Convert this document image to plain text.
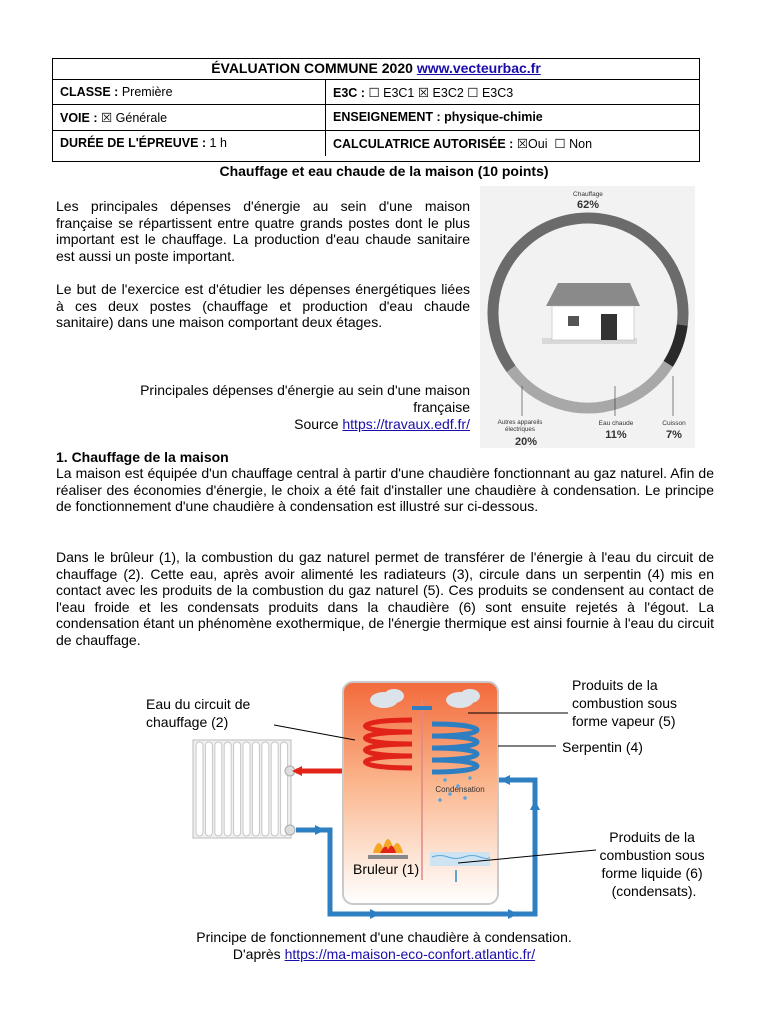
ÉVALUATION COMMUNE 2020 www.vecteurbac.fr
CLASSE : Première	E3C : ☐ E3C1 ☒ E3C2 ☐ E3C3
VOIE : ☒ Générale	ENSEIGNEMENT : physique-chimie
DURÉE DE L'ÉPREUVE : 1 h	CALCULATRICE AUTORISÉE : ☒Oui  ☐ Non
Chauffage et eau chaude de la maison (10 points)
Les principales dépenses d'énergie au sein d'une maison française se répartissent entre quatre grands postes dont le plus important est le chauffage. La production d'eau chaude sanitaire est aussi un poste important.
Le but de l'exercice est d'étudier les dépenses énergétiques liées à ces deux postes (chauffage et production d'eau chaude sanitaire) dans une maison comportant deux étages.
Principales dépenses d'énergie au sein d'une maison
française
Source https://travaux.edf.fr/
Chauffage
62%
Autres appareils électriques
20%
Eau chaude
11%
Cuisson
7%
1. Chauffage de la maison
La maison est équipée d'un chauffage central à partir d'une chaudière fonctionnant au gaz naturel. Afin de réaliser des économies d'énergie, le choix a été fait d'installer une chaudière à condensation. Le principe de fonctionnement d'une chaudière à condensation est illustré sur ci-dessous.
Dans le brûleur (1), la combustion du gaz naturel permet de transférer de l'énergie à l'eau du circuit de chauffage (2). Cette eau, après avoir alimenté les radiateurs (3), circule dans un serpentin (4) mis en contact avec les produits de la combustion du gaz naturel (5). Ces produits se condensent au contact de l'eau froide et les condensats produits dans la chaudière (6) sont ensuite rejetés à l'égout. La condensation étant un phénomène exothermique, de l'énergie thermique est ainsi fournie à l'eau du circuit de chauffage.
Condensation
Eau du circuit de chauffage (2)
Produits de la combustion sous forme vapeur (5)
Serpentin (4)
Produits de la combustion sous forme liquide (6) (condensats).
Bruleur (1)
Principe de fonctionnement d'une chaudière à condensation.
D'après https://ma-maison-eco-confort.atlantic.fr/
